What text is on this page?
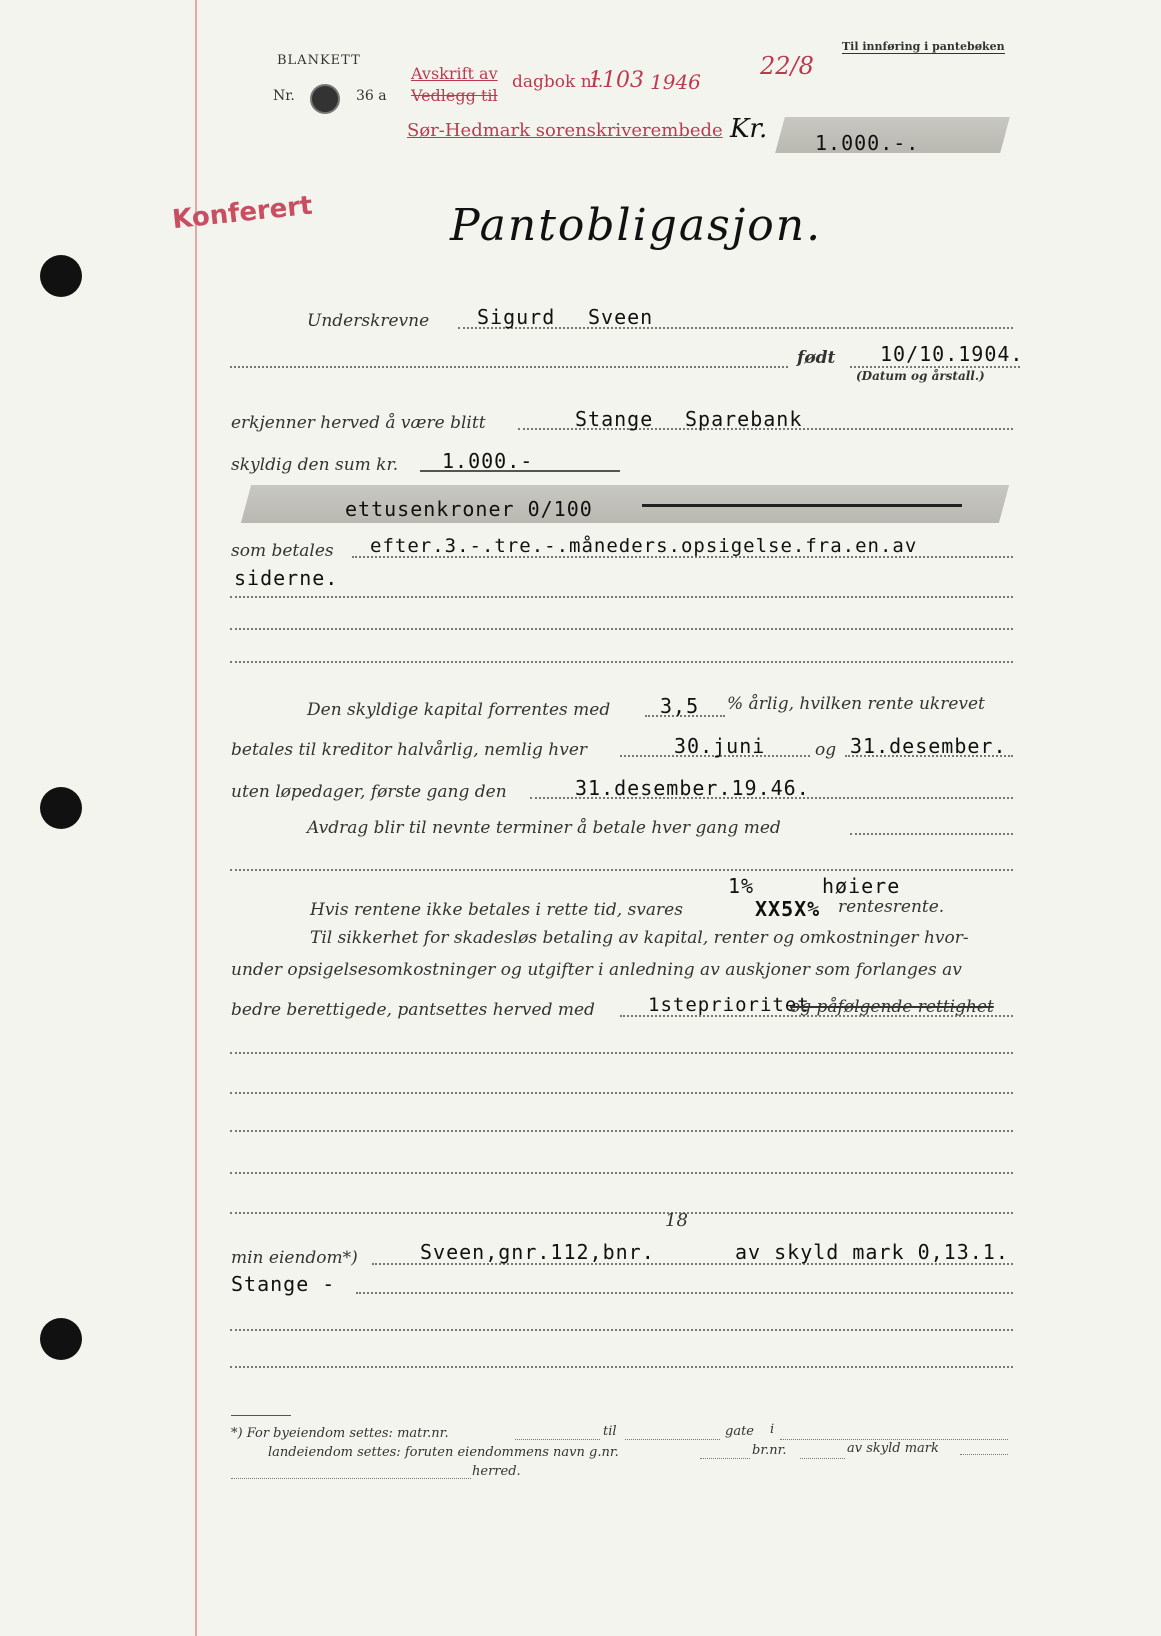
BLANKETT
Nr.	36 a
Til innføring i pantebøken
Avskrift av
Vedlegg til
dagbok nr.
1103 1946
22/8
Sør-Hedmark sorenskriverembede Kr. 1.000.-.
Konferert	Pantobligasjon.
Underskrevne Sigurd Sveen
født 10/10.1904.
(Datum og årstall.)
erkjenner herved å være blitt	Stange Sparebank
skyldig den sum kr. 1.000.-
ettusenkroner 0/100
som betales efter.3.-.tre.-.måneders.opsigelse.fra.en.av
siderne.
Den skyldige kapital forrentes med 3,5 % årlig, hvilken rente ukrevet
betales til kreditor halvårlig, nemlig hver	30.juni	og 31.desember.
uten løpedager, første gang den	31.desember.19.46.
Avdrag blir til nevnte terminer å betale hver gang med
1%	høiere
Hvis rentene ikke betales i rette tid, svares	XX5X% rentesrente.
Til sikkerhet for skadesløs betaling av kapital, renter og omkostninger hvor-
under opsigelsesomkostninger og utgifter i anledning av auskjoner som forlanges av
bedre berettigede, pantsettes herved med	1steprioritet
og påfølgende rettighet
18
min eiendom*)	Sveen,gnr.112,bnr.	av skyld mark 0,13.1.
Stange -
*) For byeiendom settes: matr.nr.	til	gate i
landeiendom settes: foruten eiendommens navn g.nr.	br.nr.	av skyld mark
herred.
